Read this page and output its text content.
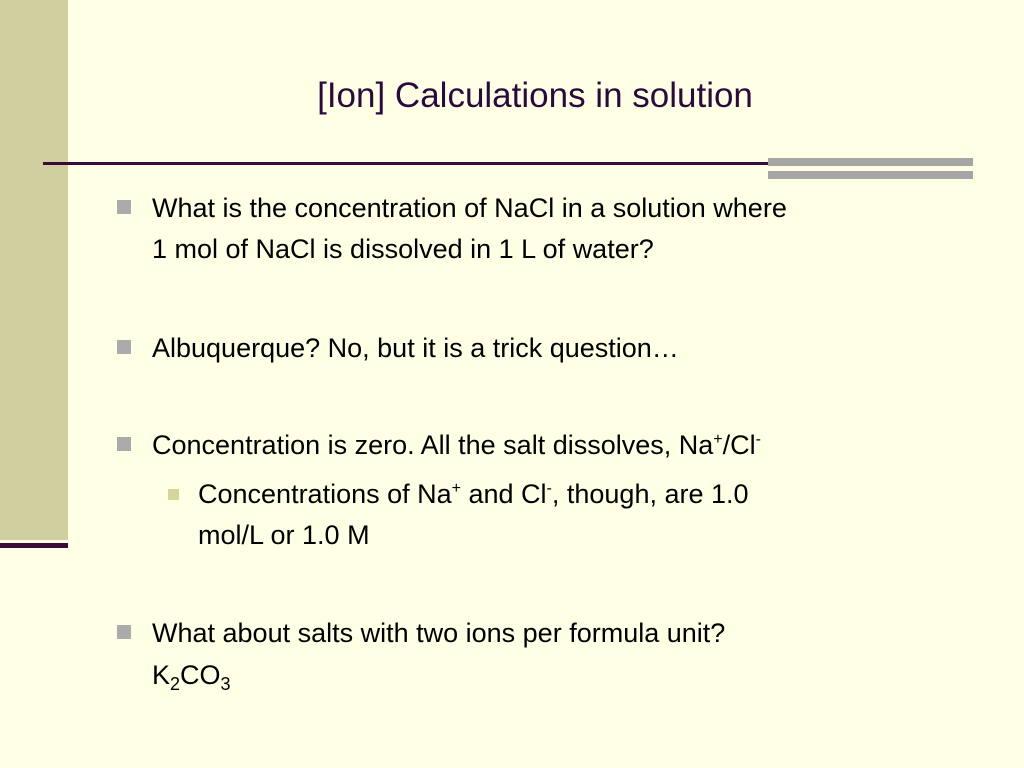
[Ion] Calculations in solution
What is the concentration of NaCl in a solution where
1 mol of NaCl is dissolved in 1 L of water?
Albuquerque? No, but it is a trick question…
Concentration is zero. All the salt dissolves, Na+/Cl-
Concentrations of Na+ and Cl-, though, are 1.0
mol/L or 1.0 M
What about salts with two ions per formula unit?
$K_2CO_3$
